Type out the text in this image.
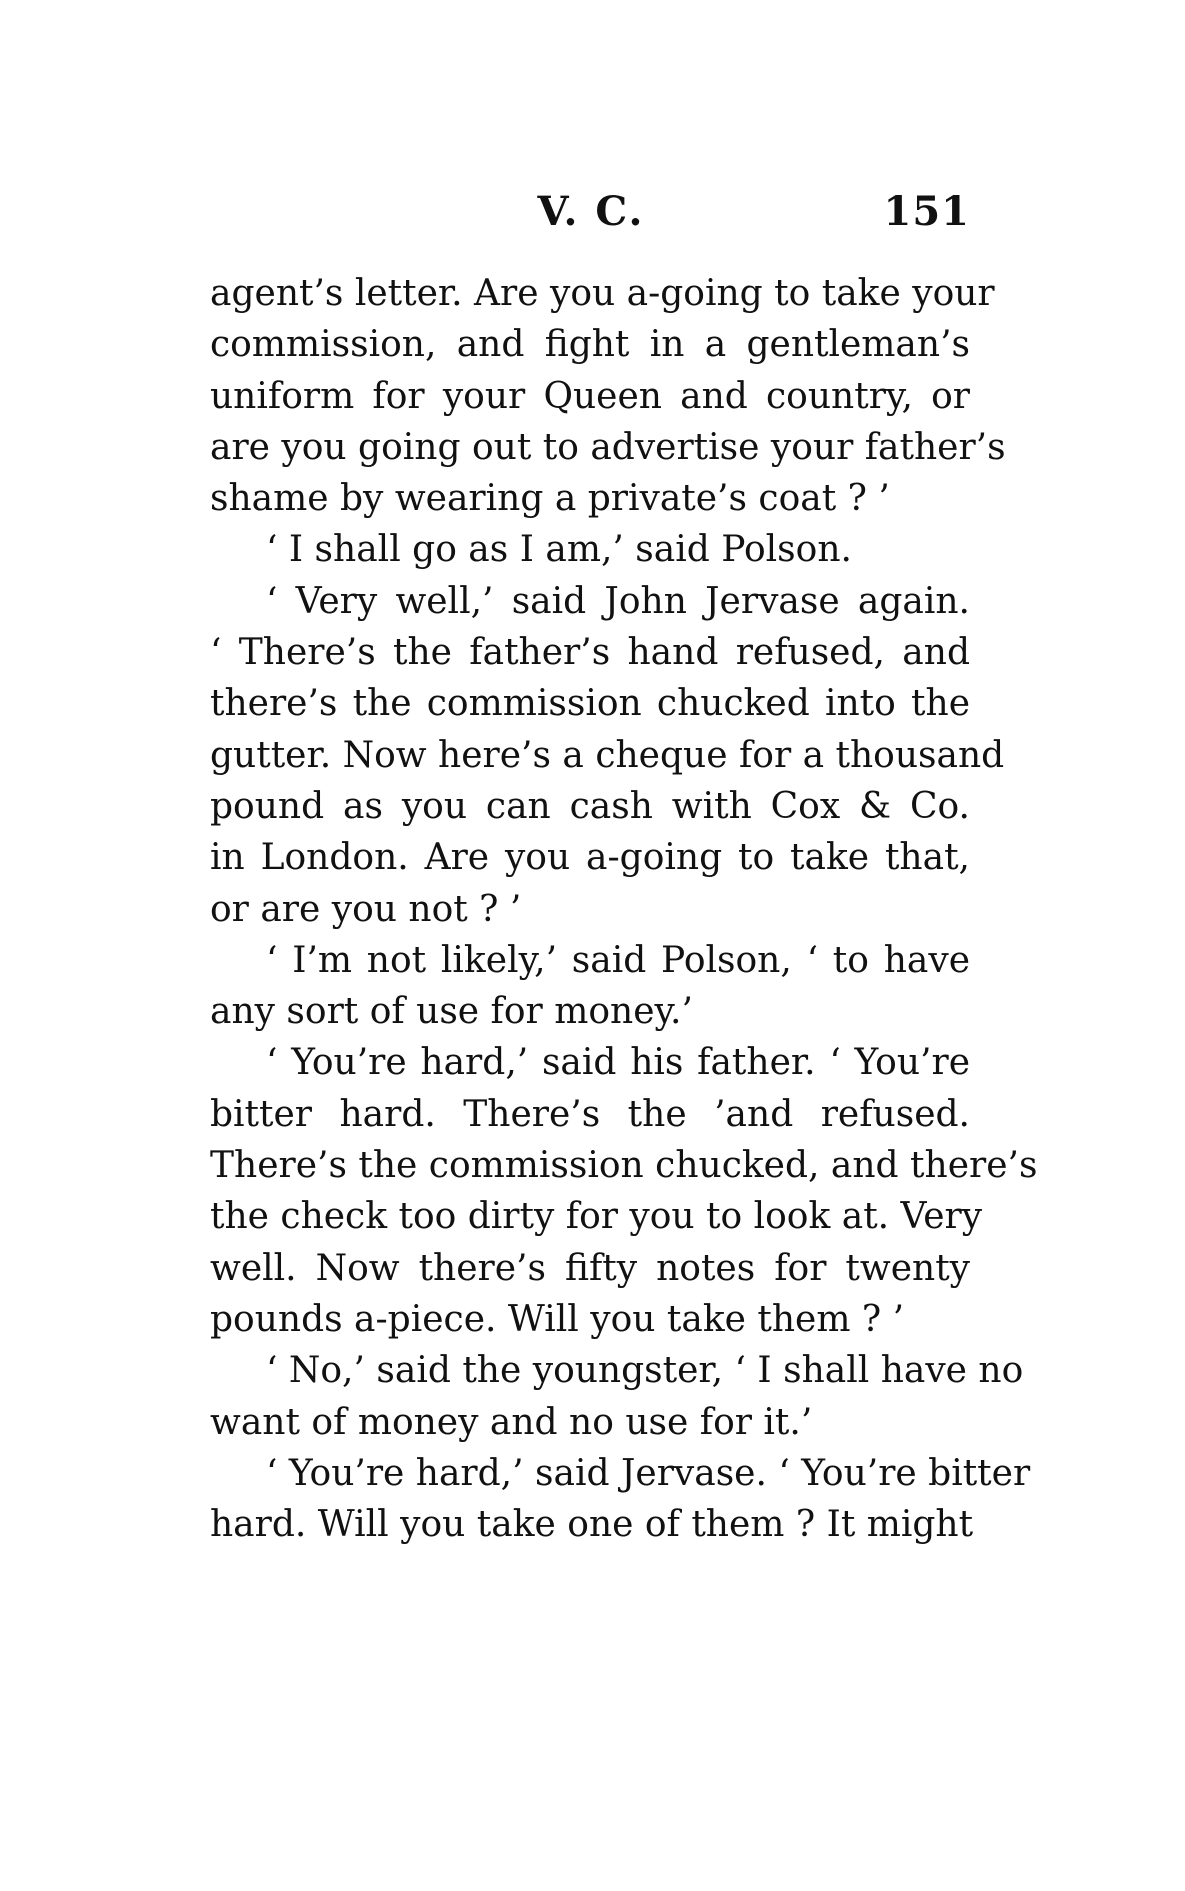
V. C.	151
agent’s letter. Are you a-going to take your
commission, and fight in a gentleman’s
uniform for your Queen and country, or
are you going out to advertise your father’s
shame by wearing a private’s coat ? ’
‘ I shall go as I am,’ said Polson.
‘ Very well,’ said John Jervase again.
‘ There’s the father’s hand refused, and
there’s the commission chucked into the
gutter. Now here’s a cheque for a thousand
pound as you can cash with Cox & Co.
in London. Are you a-going to take that,
or are you not ? ’
‘ I’m not likely,’ said Polson, ‘ to have
any sort of use for money.’
‘ You’re hard,’ said his father. ‘ You’re
bitter hard. There’s the ’and refused.
There’s the commission chucked, and there’s
the check too dirty for you to look at. Very
well. Now there’s fifty notes for twenty
pounds a-piece. Will you take them ? ’
‘ No,’ said the youngster, ‘ I shall have no
want of money and no use for it.’
‘ You’re hard,’ said Jervase. ‘ You’re bitter
hard. Will you take one of them ? It might
